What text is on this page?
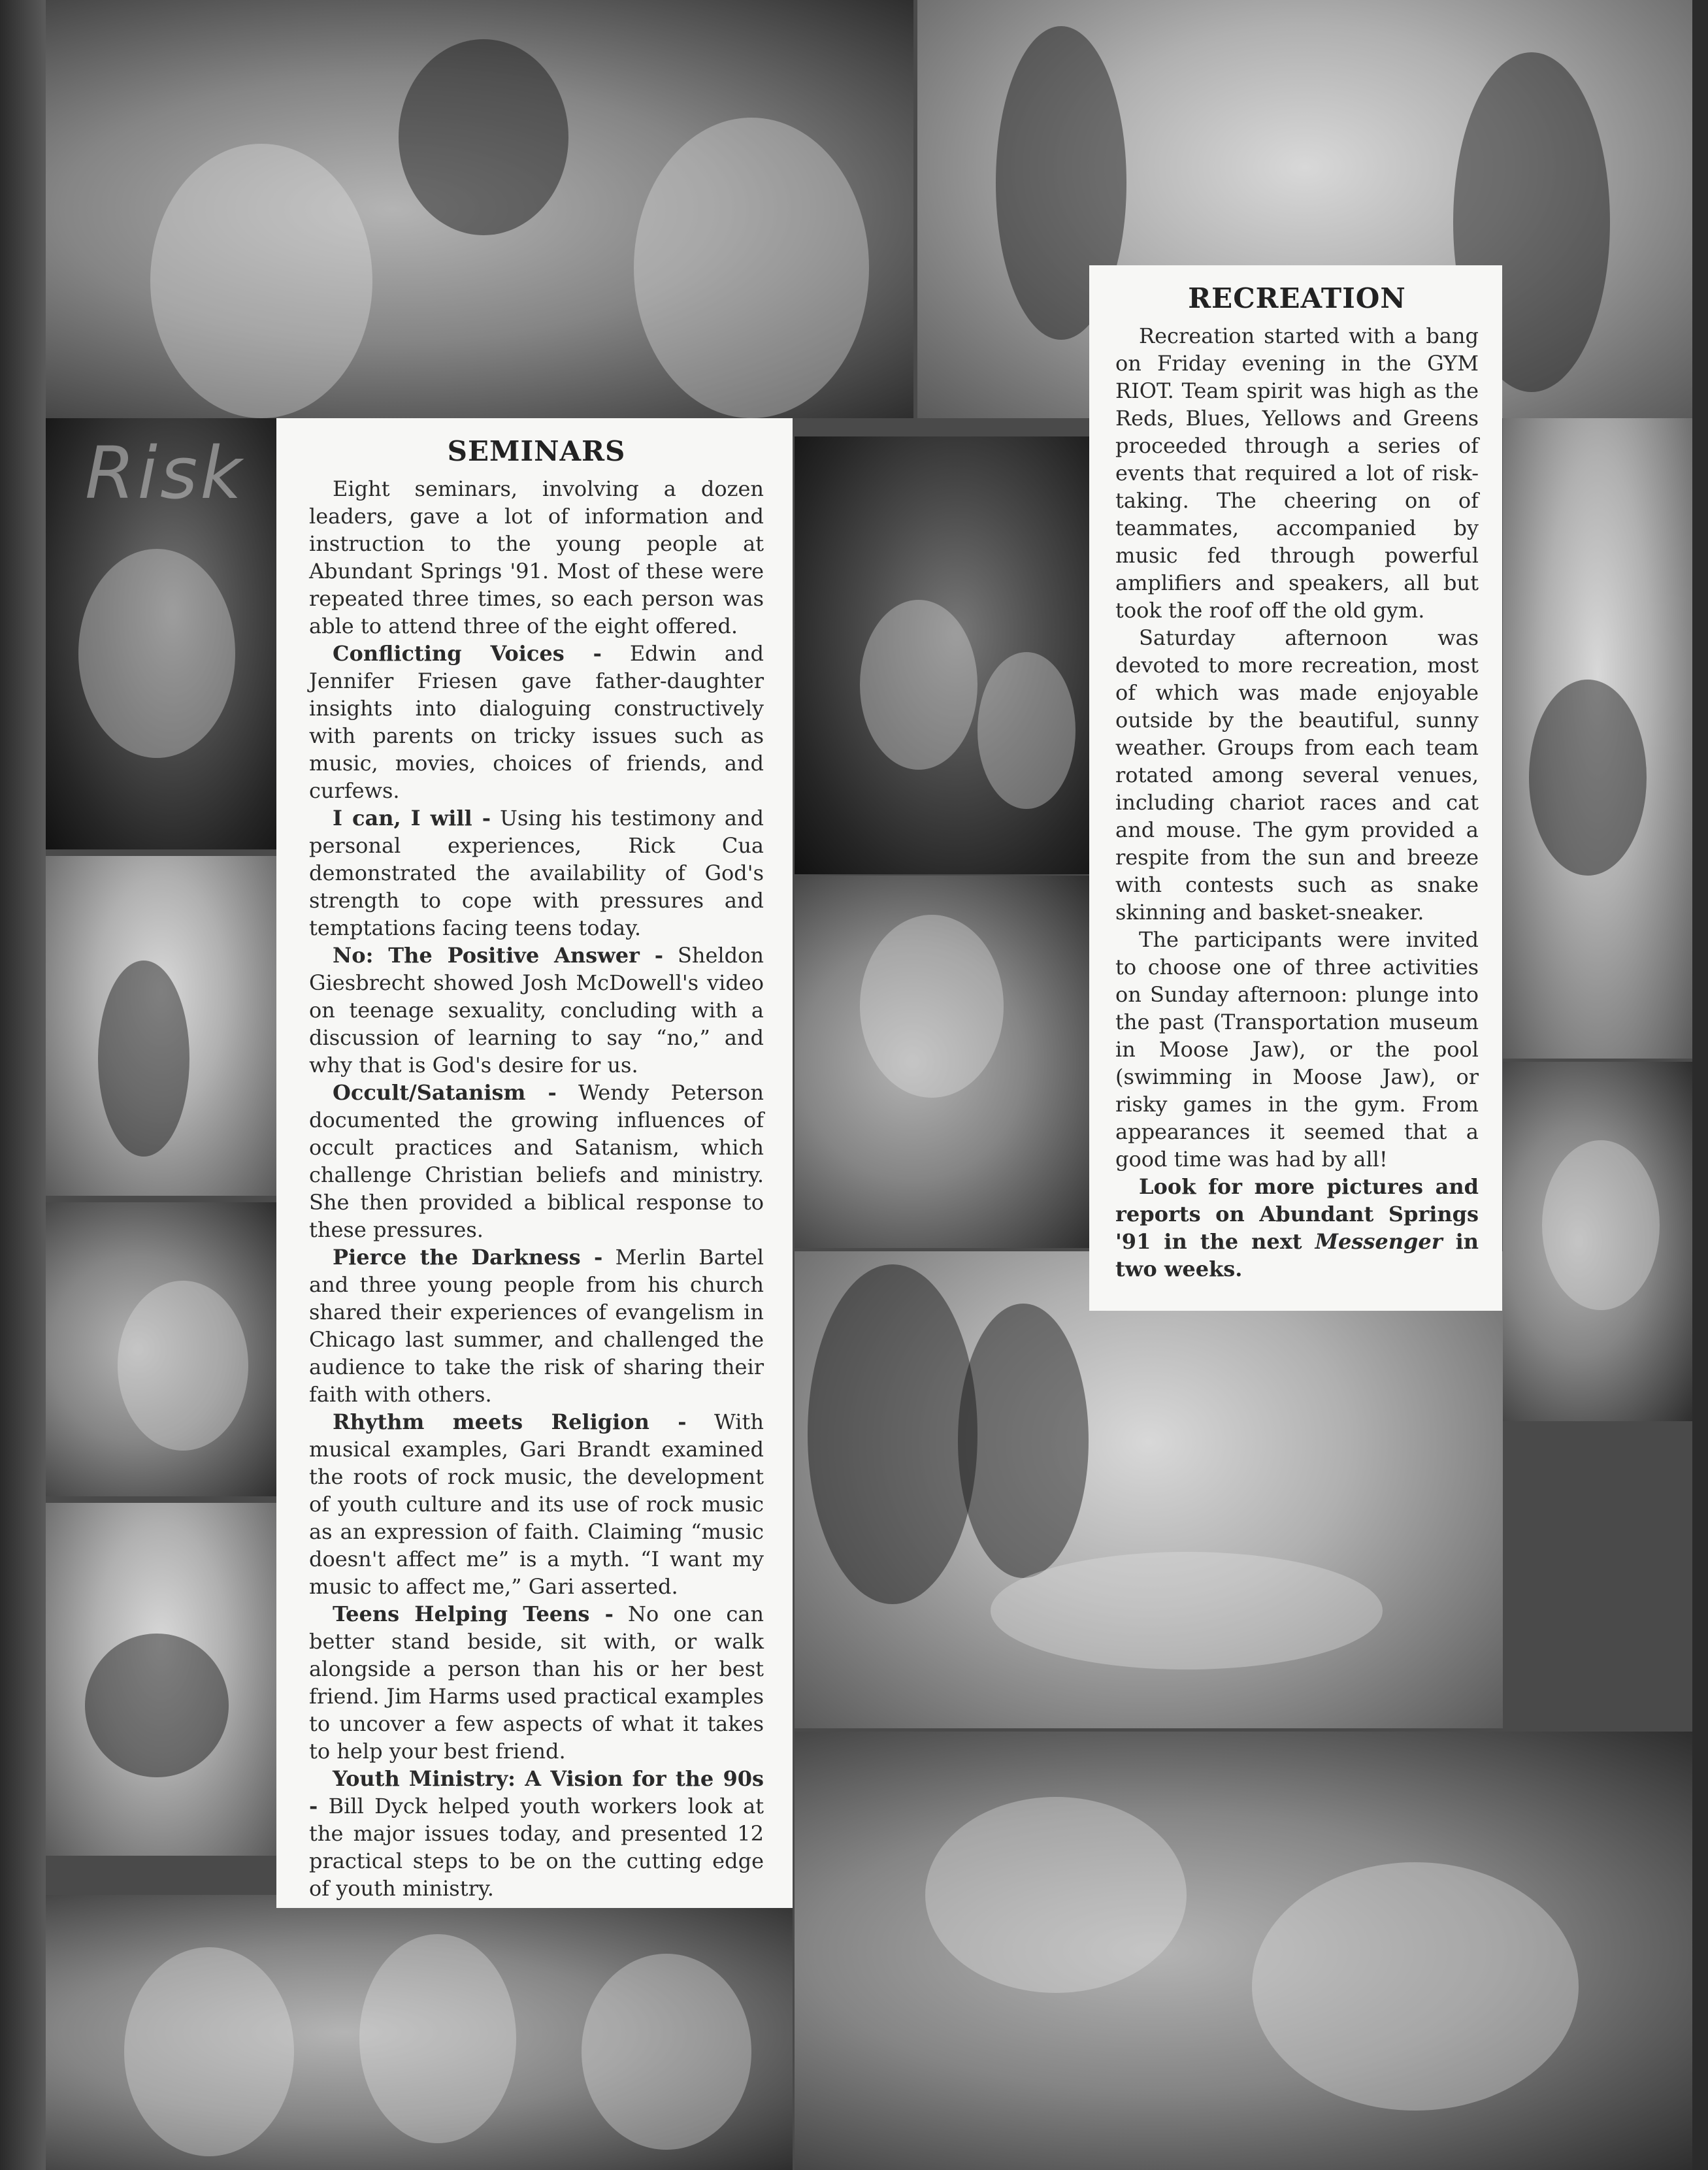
Risk	SEMINARS

Eight seminars, involving a dozen leaders, gave a lot of information and instruction to the young people at Abundant Springs '91. Most of these were repeated three times, so each person was able to attend three of the eight offered.

Conflicting Voices - Edwin and Jennifer Friesen gave father-daughter insights into dialoguing constructively with parents on tricky issues such as music, movies, choices of friends, and curfews.

I can, I will - Using his testimony and personal experiences, Rick Cua demonstrated the availability of God's strength to cope with pressures and temptations facing teens today.

No: The Positive Answer - Sheldon Giesbrecht showed Josh McDowell's video on teenage sexuality, concluding with a discussion of learning to say “no,” and why that is God's desire for us.

Occult/Satanism - Wendy Peterson documented the growing influences of occult practices and Satanism, which challenge Christian beliefs and ministry. She then provided a biblical response to these pressures.

Pierce the Darkness - Merlin Bartel and three young people from his church shared their experiences of evangelism in Chicago last summer, and challenged the audience to take the risk of sharing their faith with others.

Rhythm meets Religion - With musical examples, Gari Brandt examined the roots of rock music, the development of youth culture and its use of rock music as an expression of faith. Claiming “music doesn't affect me” is a myth. “I want my music to affect me,” Gari asserted.

Teens Helping Teens - No one can better stand beside, sit with, or walk alongside a person than his or her best friend. Jim Harms used practical examples to uncover a few aspects of what it takes to help your best friend.

Youth Ministry: A Vision for the 90s - Bill Dyck helped youth workers look at the major issues today, and presented 12 practical steps to be on the cutting edge of youth ministry.

RECREATION

Recreation started with a bang on Friday evening in the GYM RIOT. Team spirit was high as the Reds, Blues, Yellows and Greens proceeded through a series of events that required a lot of risk-taking. The cheering on of teammates, accompanied by music fed through powerful amplifiers and speakers, all but took the roof off the old gym.

Saturday afternoon was devoted to more recreation, most of which was made enjoyable outside by the beautiful, sunny weather. Groups from each team rotated among several venues, including chariot races and cat and mouse. The gym provided a respite from the sun and breeze with contests such as snake skinning and basket-sneaker.

The participants were invited to choose one of three activities on Sunday afternoon: plunge into the past (Transportation museum in Moose Jaw), or the pool (swimming in Moose Jaw), or risky games in the gym. From appearances it seemed that a good time was had by all!

Look for more pictures and reports on Abundant Springs '91 in the next Messenger in two weeks.
